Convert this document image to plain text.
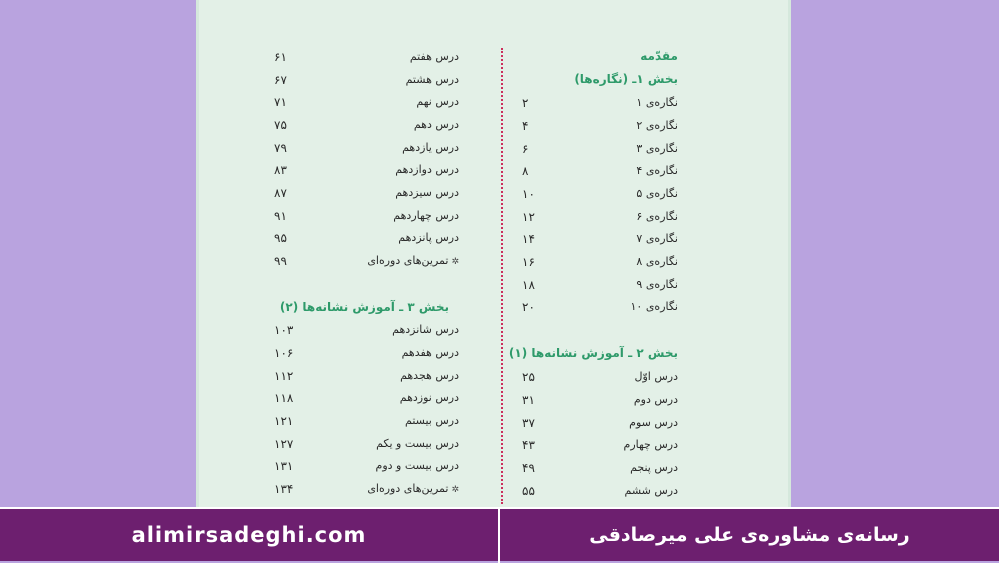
مقدّمه
بخش ۱ـ (نگاره‌ها)
نگاره‌ی ۱
۲
نگاره‌ی ۲
۴
نگاره‌ی ۳
۶
نگاره‌ی ۴
۸
نگاره‌ی ۵
۱۰
نگاره‌ی ۶
۱۲
نگاره‌ی ۷
۱۴
نگاره‌ی ۸
۱۶
نگاره‌ی ۹
۱۸
نگاره‌ی ۱۰
۲۰
بخش ۲ ـ آموزش نشانه‌ها (۱)
درس اوّل
۲۵
درس دوم
۳۱
درس سوم
۳۷
درس چهارم
۴۳
درس پنجم
۴۹
درس ششم
۵۵
درس هفتم
۶۱
درس هشتم
۶۷
درس نهم
۷۱
درس دهم
۷۵
درس یازدهم
۷۹
درس دوازدهم
۸۳
درس سیزدهم
۸۷
درس چهاردهم
۹۱
درس پانزدهم
۹۵
✲تمرین‌های دوره‌ای
۹۹
بخش ۳ ـ آموزش نشانه‌ها (۲)
درس شانزدهم
۱۰۳
درس هفدهم
۱۰۶
درس هجدهم
۱۱۲
درس نوزدهم
۱۱۸
درس بیستم
۱۲۱
درس بیست و یکم
۱۲۷
درس بیست و دوم
۱۳۱
✲تمرین‌های دوره‌ای
۱۳۴
alimirsadeghi.com	رسانه‌ی مشاوره‌ی علی میرصادقی
